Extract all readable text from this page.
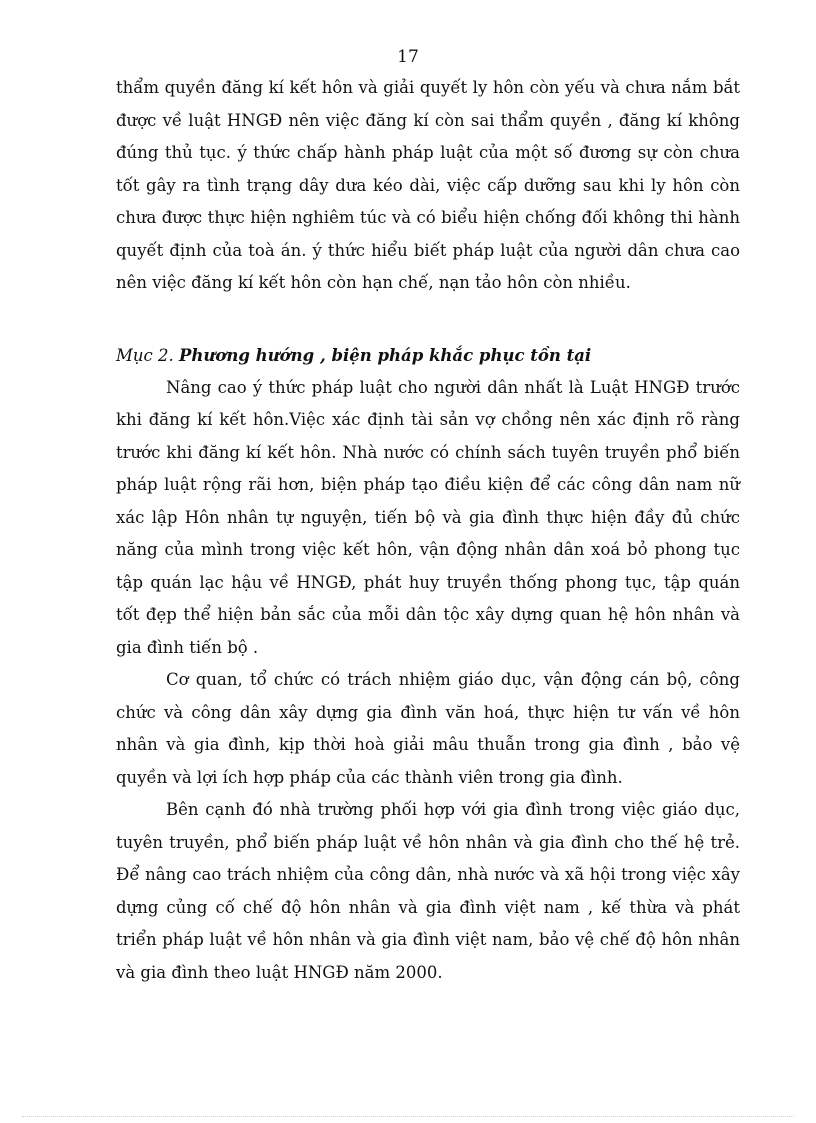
17

thẩm quyền đăng kí kết hôn và giải quyết ly hôn còn yếu và chưa nắm bắt được về luật HNGĐ nên việc đăng kí còn sai thẩm quyền , đăng kí không đúng thủ tục. ý thức chấp hành pháp luật của một số đương sự còn chưa tốt gây ra tình trạng dây dưa kéo dài, việc cấp dưỡng sau khi ly hôn còn chưa được thực hiện nghiêm túc và có biểu hiện chống đối không thi hành quyết định của toà án. ý thức hiểu biết pháp luật của người dân chưa cao nên việc đăng kí kết hôn còn hạn chế, nạn tảo hôn còn nhiều.

Mục 2. Phương hướng , biện pháp khắc phục tồn tại

Nâng cao ý thức pháp luật cho người dân nhất là Luật HNGĐ trước khi đăng kí kết hôn.Việc xác định tài sản vợ chồng nên xác định rõ ràng trước khi đăng kí kết hôn. Nhà nước có chính sách tuyên truyền phổ biến pháp luật rộng rãi hơn, biện pháp tạo điều kiện để các công dân nam nữ xác lập Hôn nhân tự nguyện, tiến bộ và gia đình thực hiện đầy đủ chức năng của mình trong việc kết hôn, vận động nhân dân xoá bỏ phong tục tập quán lạc hậu về HNGĐ, phát huy truyền thống phong tục, tập quán tốt đẹp thể hiện bản sắc của mỗi dân tộc xây dựng quan hệ hôn nhân và gia đình tiến bộ .

Cơ quan, tổ chức có trách nhiệm giáo dục, vận động cán bộ, công chức và công dân xây dựng gia đình văn hoá, thực hiện tư vấn về hôn nhân và gia đình, kịp thời hoà giải mâu thuẫn trong gia đình , bảo vệ quyền và lợi ích hợp pháp của các thành viên trong gia đình.

Bên cạnh đó nhà trường phối hợp với gia đình trong việc giáo dục, tuyên truyền, phổ biến pháp luật về hôn nhân và gia đình cho thế hệ trẻ. Để nâng cao trách nhiệm của công dân, nhà nước và xã hội trong việc xây dựng củng cố chế độ hôn nhân và gia đình việt nam , kế thừa và phát triển pháp luật về hôn nhân và gia đình việt nam, bảo vệ chế độ hôn nhân và gia đình theo luật HNGĐ năm 2000.
